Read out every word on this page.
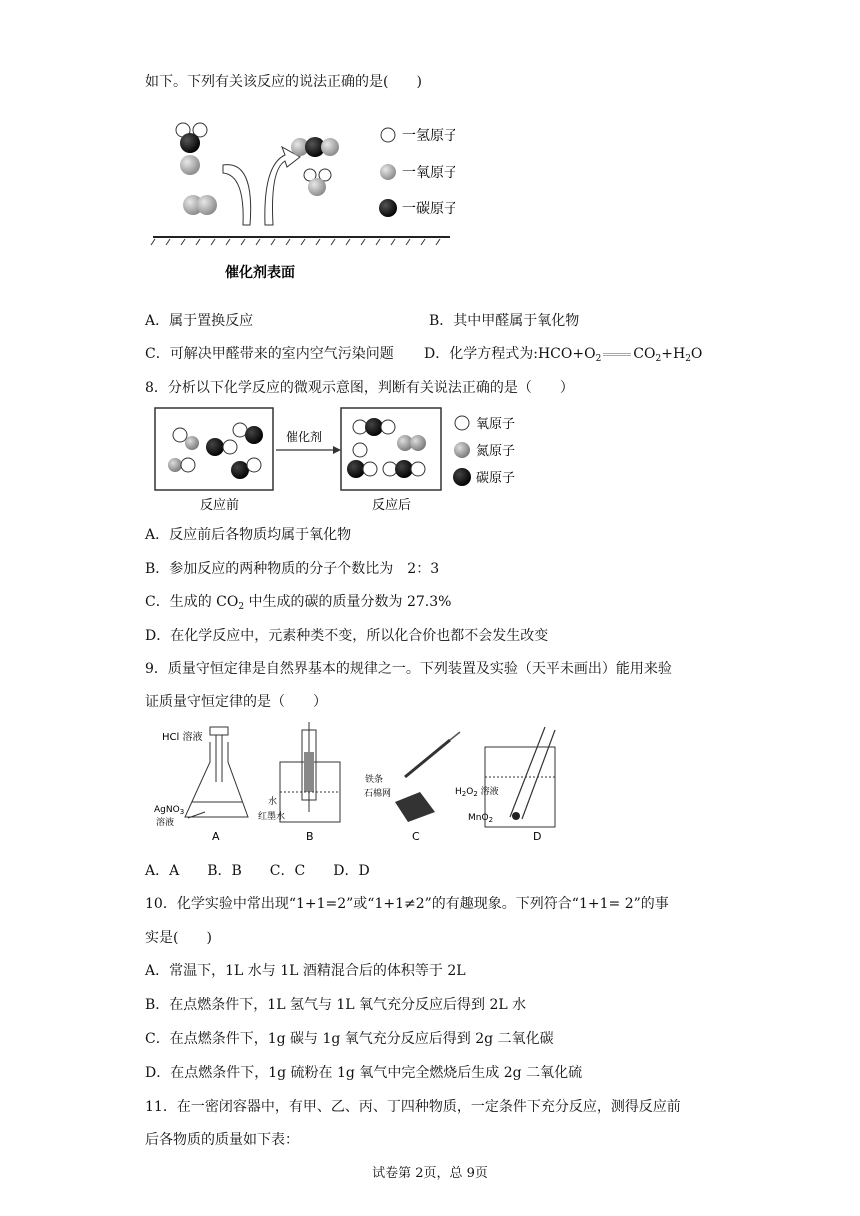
如下。下列有关该反应的说法正确的是(　　)
一氢原子
一氧原子
一碳原子
催化剂表面
A．属于置换反应	B．其中甲醛属于氧化物
C．可解决甲醛带来的室内空气污染问题 D．化学方程式为$:HCO+O_2$ $CO_2+H_2O$
8．分析以下化学反应的微观示意图，判断有关说法正确的是（　　）
催化剂
氧原子
氮原子
碳原子
反应前	反应后
A．反应前后各物质均属于氧化物
B．参加反应的两种物质的分子个数比为　2：3
C．生成的 $CO_2$ 中生成的碳的质量分数为 27.3%
D．在化学反应中，元素种类不变，所以化合价也都不会发生改变
9．质量守恒定律是自然界基本的规律之一。下列装置及实验（天平未画出）能用来验
证质量守恒定律的是（　　）
HCl 溶液
AgNO$_3$
溶液
A
水
红墨水
B
铁条
石棉网
C
$H_2O_2$ 溶液
MnO$_2$
D
A．A　　B．B　　C．C　　D．D
10．化学实验中常出现“1+1=2”或“1+1≠2”的有趣现象。下列符合“1+1= 2”的事
实是(　　)
A．常温下，1L 水与 1L 酒精混合后的体积等于 2L
B．在点燃条件下，1L 氢气与 1L 氧气充分反应后得到 2L 水
C．在点燃条件下，1g 碳与 1g 氧气充分反应后得到 2g 二氧化碳
D．在点燃条件下，1g 硫粉在 1g 氧气中完全燃烧后生成 2g 二氧化硫
11．在一密闭容器中，有甲、乙、丙、丁四种物质，一定条件下充分反应，测得反应前
后各物质的质量如下表：
试卷第 2页，总 9页
